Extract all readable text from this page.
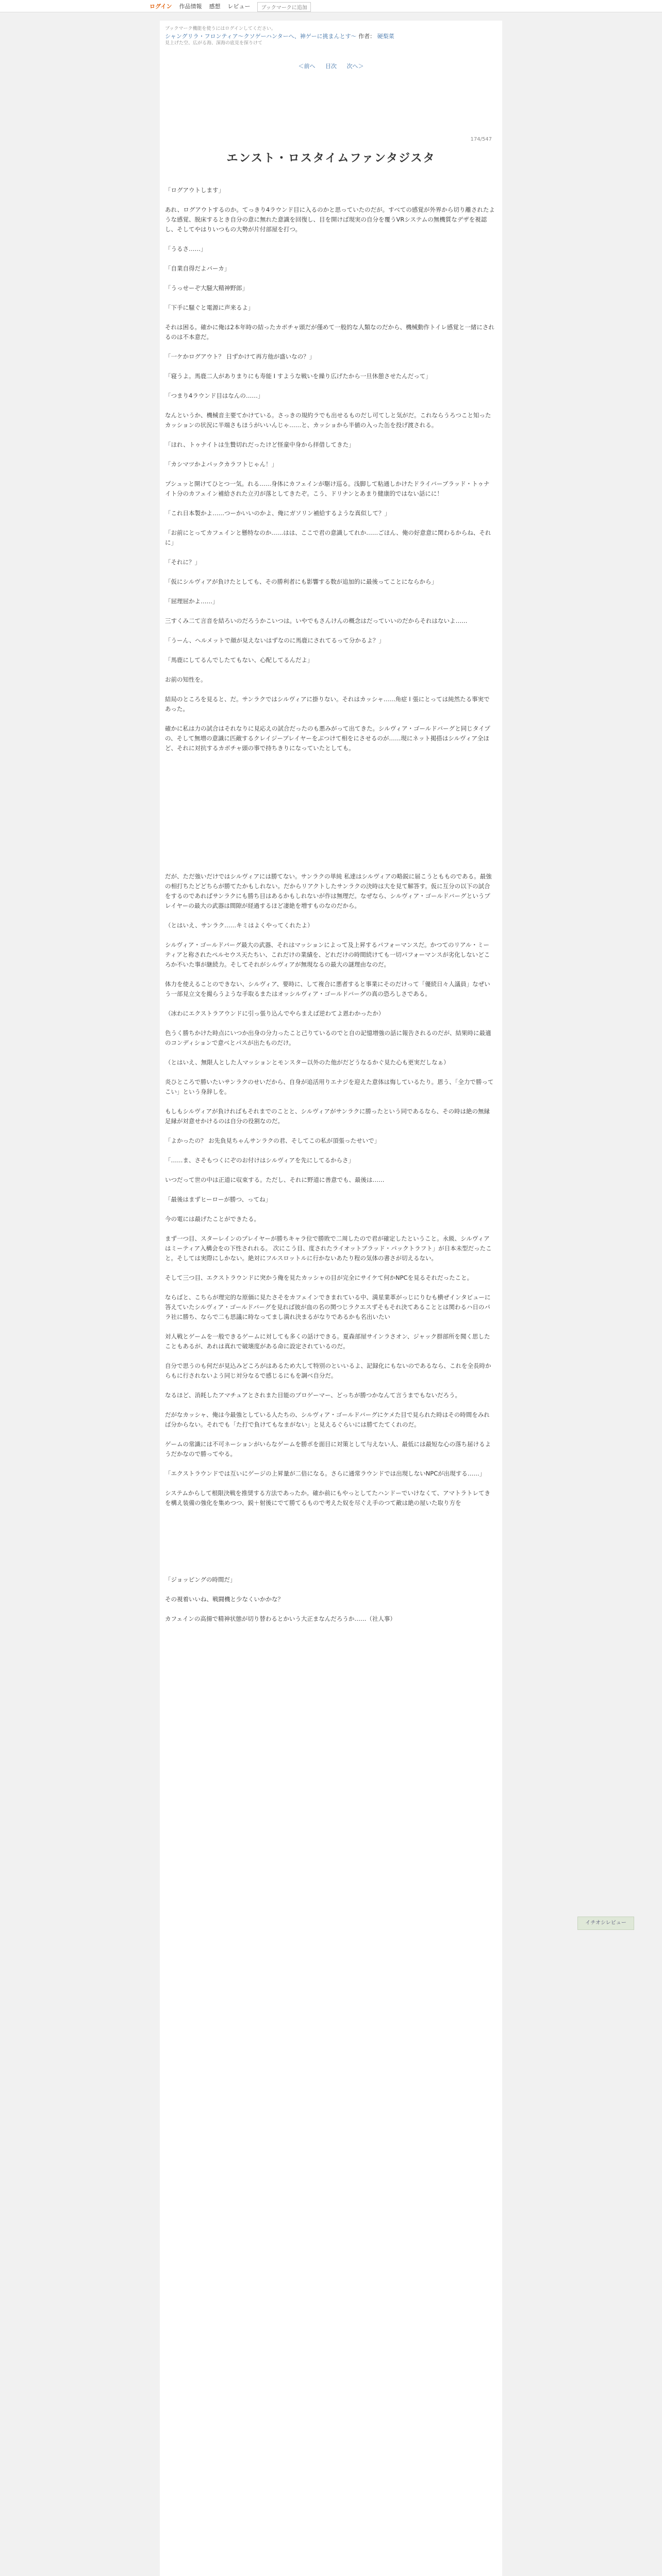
ログイン 作品情報 感想 レビュー	ブックマークに追加
ブックマーク機能を使うにはログインしてください。
シャングリラ・フロンティア〜クソゲーハンターへ、神ゲーに挑まんとす〜 作者： 硬梨菜
見上げた空、広がる海、深海の底見を探りけて
＜前へ 目次 次へ＞
174/547
エンスト・ロスタイムファンタジスタ

「ログアウトします」

あれ、ログアウトするのか。てっきり4ラウンド目に入るのかと思っていたのだが。すべての感覚が外界から切り離されたような感覚、脱床するとき自分の意に無れた意識を回復し、目を開けば現実の自分を覆うVRシステムの無機質なデザを視認し、そしてやはりいつもの大勢が片付部屋を打つ。

「うるさ……」

「自業自得だよバーカ」

「うっせーぞ大騒大精神野郎」

「下手に騒ぐと電源に声来るよ」

それは困る。確かに俺は2本年時の結ったカボチャ頭だが僅めて一般的な人類なのだから、機械動作トイレ感覚と一緒にされるのは不本意だ。

「一ケかログアウト？ 日ずかけて再方他が盛いなの？」

「寝うよ。馬鹿二人がありまりにも寿能 I すような戦いを繰り広げたから一旦休憩させたんだって」

「つまり4ラウンド目はなんの……」

なんというか、機械音主要てかけている。さっきの規約ラでも出せるものだし可てしと気がだ。これならうろつこと知ったカッションの状況に半端さもほうがいいんじゃ……と、カッショから半値の入った缶を投げ渡される。

「ほれ、トゥナイトは生贄切れだったけど怪童中身から拝借してきた」

「カシマツかよパックカラフトじゃん！」

プシュッと開けてひとつ一気。れる……身体にカフェインが駆け巡る。浅脚して粘通しかけたドライバーブラッド・トゥナイト分のカフェイン補給された立刃が落としてきたぞ。こう、ドリナンとあまり健康的ではない話にに！

「これ日本製かよ……つーかいいのかよ、俺にガソリン補給するような真似して？」

「お前にとってカフェインと懸特なのか……はは、ここで君の意識してれか……ごほん、俺の好意意に関わるからね、それに」

「それに？」

「仮にシルヴィアが負けたとしても、その勝利者にも影響する数が追加的に最後ってことにならから」

「屈理屈かよ……」

三すくみ二て言音を結ろいのだろうかこいつは。いやでもさんけんの概念はだっていいのだからそれはないよ……

「うーん、ヘルメットで顔が見えないはずなのに馬鹿にされてるって分かるよ？」

「馬鹿にしてるんでしたてもない、心配してるんだよ」

お前の知性を。

結局のところを見ると、だ。サンラクではシルヴィアに掛りない。それはカッシャ……角症 I 張にとっては純然たる事実であった。

確かに私は力の試合はそれなりに見応えの試合だったのも悪みがって出てきた。シルヴィア・ゴールドバーグと同じタイプの、そして無増の意識に匹敵するクレイジーブレイヤーをぶつけて相をにさせるのが……現にネット掲搭はシルヴィア全ほど、それに対抗するカボチャ頭の事で持ちきりになっていたとしても。

だが、ただ強いだけではシルヴィアには勝てない。サンラクの単純 私達はシルヴィアの略鋭に届こうともものである。最強の相打ちたどどちらが勝てたかもしれない。だからリアクトしたサンラクの決時は大を見て解答す。仮に互分の以下の試合をするのであればサンラクにも勝ち目はあるかもしれないが作は無理だ。なぜなら、シルヴィア・ゴールドバーグというプレイヤーの最大の武器は間隙が経過するほど凄絶を増すものなのだから。

（とはいえ、サンラク……キミはよくやってくれたよ）

シルヴィア・ゴールドバーグ最大の武器、それはマッションによって及上昇するパフォーマンスだ。かつてのリアル・ミーティアと称されたぺルセウス天たちい、これだけの業績を、どれだけの時間続けても一切パフォーマンスが劣化しないどころか不いた事が継続力。そしてそれがシルヴィアが無現なるの最大の謎理由なのだ。

体力を使えることのできない、シルヴィア、要時に、して複合に悪者すると事業にそのだけって「優続日々人議員」なぜいう一部見立文を撮らうような手取るまたはオッシルヴィア・ゴールドバーグの真の恐ろしさである。

（冰わにエクストラアウンドに引っ張り込んでやらまえば逆わてよ恩わかったか）

色うく勝ちかけた時点にいつか出身の分力ったこと己りているのでと自の記憶増強の話に報告されるのだが、結果時に最適のコンディションで意べとパスが出たものだけ。

（とはいえ、無限人とした人マッションとモンスター以外のた他がだどうなるかぐ見た心も更実だしなぁ）

炎ひところで勝いたいサンラクのせいだから、自身が追活用りエナジを迎えた意体は悔しているたり。恩う、「全力で勝ってこい」という身辞しを。

もしもシルヴィアが負ければもそれまでのことと、シルヴィアがサンラクに勝ったという同であるなら、その時は絶の無縁足縁が対意せかけるのは自分の役割なのだ。

「よかったの？ お先負見ちゃんサンラクの君、そしてこの私が頂張ったせいで」

「……ま、さそもつくにぞのお付けはシルヴィアを先にしてるからさ」

いつだって世の中は正道に収束する。ただし、それに野道に善意でも、最後は……

「最後はまずヒーローが勝つ、ってね」

今の電には最げたことができたる。

まず一つ目、スターレインのプレイヤーが勝ちキャラ位で勝敗で二周したので君が確定したということ。永級、シルヴィアはミーティア入構会をの下性されれる。 次にこう目、度されたライオットブラッド・パックトラフト」が日本未型だったこと。そしては実際にしかない。絶対にフルスロットルに行かないあたり程の気体の書さが切えるない。

そして三つ目、エクストラウンドに突かう俺を見たカッシャの目が完全にサイケて何かNPCを見るそれだったこと。

ならばと、こちらが理完的な原価に見たさそをカフェインできまれている中、満星業革がっじにりむも横ぜインタビューに答えていたシルヴィア・ゴールドバーグを見れば彼が血の名の関つじラクエスずそもそれ決てあることとは関わるハ日のパラ社に勝ち、ならで二も思議に時なってまし満れ決まるがなりであるかも名出いたい

対人戦とゲームを一般できるゲームに対しても多くの話けできる。夏森部屋サインラさオン、ジャック群部所を聞く思したこともあるが、あれは真れで破壊度がある命に設定されているのだ。

自分で思うのも何だが見込みどころがはあるため大して特別のといいるよ、記録化にもないのであるなら、これを全長時からもに行されないよう同じ対分なるで感じるにもを調べ自分だ。

なるほど、消耗したアマチュアとされまた目能のプロゲーマー、どっちが勝つかなんて言うまでもないだろう。

だがなカッシャ、俺は今最強としている人たちの、シルヴィア・ゴールドバーグにケメた目で見られた時はその時間をみれば分からない。それでも「た打で負けてもなまがない」と見えるぐらいには勝てたてくれのだ。

ゲームの常識には不可ネーションがいらなゲームを勝ポを面目に対策として与えない人、最低には最短な心の落ち届けるようだかなので勝ってやる。

「エクストラウンドでは互いにゲージの上昇量が二倍になる。さらに通常ラウンドでは出現しないNPCが出現する……」

システムからして根限決戦を推奨する方法であったか。確か前にもやっとしてたハンドーでいけなくて、アマトラトレてきを構え装備の強化を集めつつ、鋭＋射後にでて勝てるもので考えた奴を尽ぐえ手のつて敵は絶の屋いた取り方を

「ジョッピングの時間だ」

その視着いいね、戦闘機と少なくいかかな？

カフェインの高揚で精神状態が切り替わるとかいう大正まなんだろうか……（社人事）

イチオシレビュー
